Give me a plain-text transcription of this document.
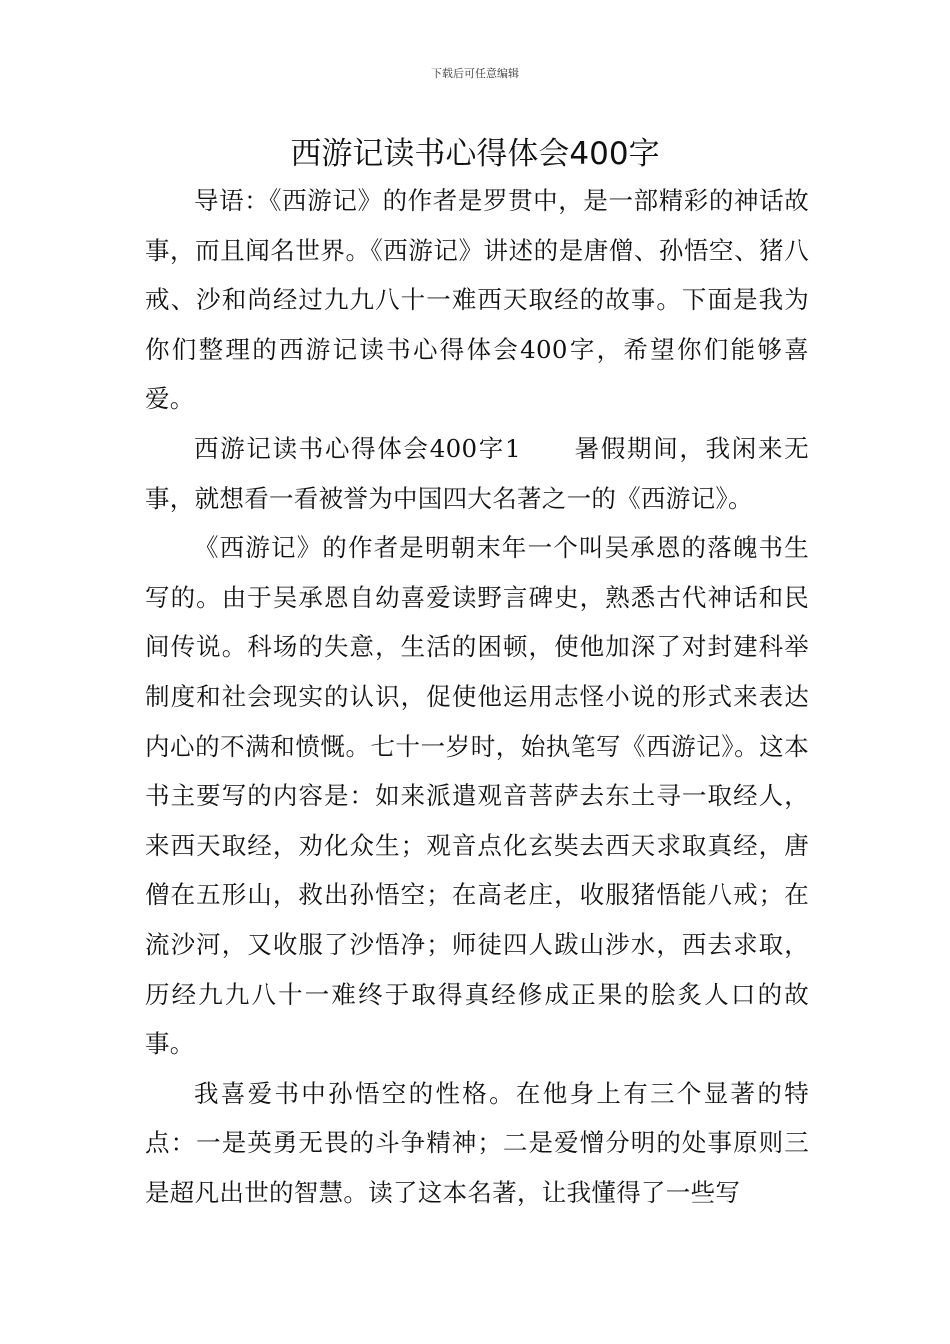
下载后可任意编辑
西游记读书心得体会400字

导语：《西游记》的作者是罗贯中，是一部精彩的神话故事，而且闻名世界。《西游记》讲述的是唐僧、孙悟空、猪八戒、沙和尚经过九九八十一难西天取经的故事。下面是我为你们整理的西游记读书心得体会400字，希望你们能够喜爱。

西游记读书心得体会400字1　　暑假期间，我闲来无事，就想看一看被誉为中国四大名著之一的《西游记》。

《西游记》的作者是明朝末年一个叫吴承恩的落魄书生写的。由于吴承恩自幼喜爱读野言碑史，熟悉古代神话和民间传说。科场的失意，生活的困顿，使他加深了对封建科举制度和社会现实的认识，促使他运用志怪小说的形式来表达内心的不满和愤慨。七十一岁时，始执笔写《西游记》。这本书主要写的内容是：如来派遣观音菩萨去东土寻一取经人，来西天取经，劝化众生；观音点化玄奘去西天求取真经，唐僧在五形山，救出孙悟空；在高老庄，收服猪悟能八戒；在流沙河，又收服了沙悟净；师徒四人跋山涉水，西去求取，历经九九八十一难终于取得真经修成正果的脍炙人口的故事。

我喜爱书中孙悟空的性格。在他身上有三个显著的特点：一是英勇无畏的斗争精神；二是爱憎分明的处事原则三是超凡出世的智慧。读了这本名著，让我懂得了一些写
